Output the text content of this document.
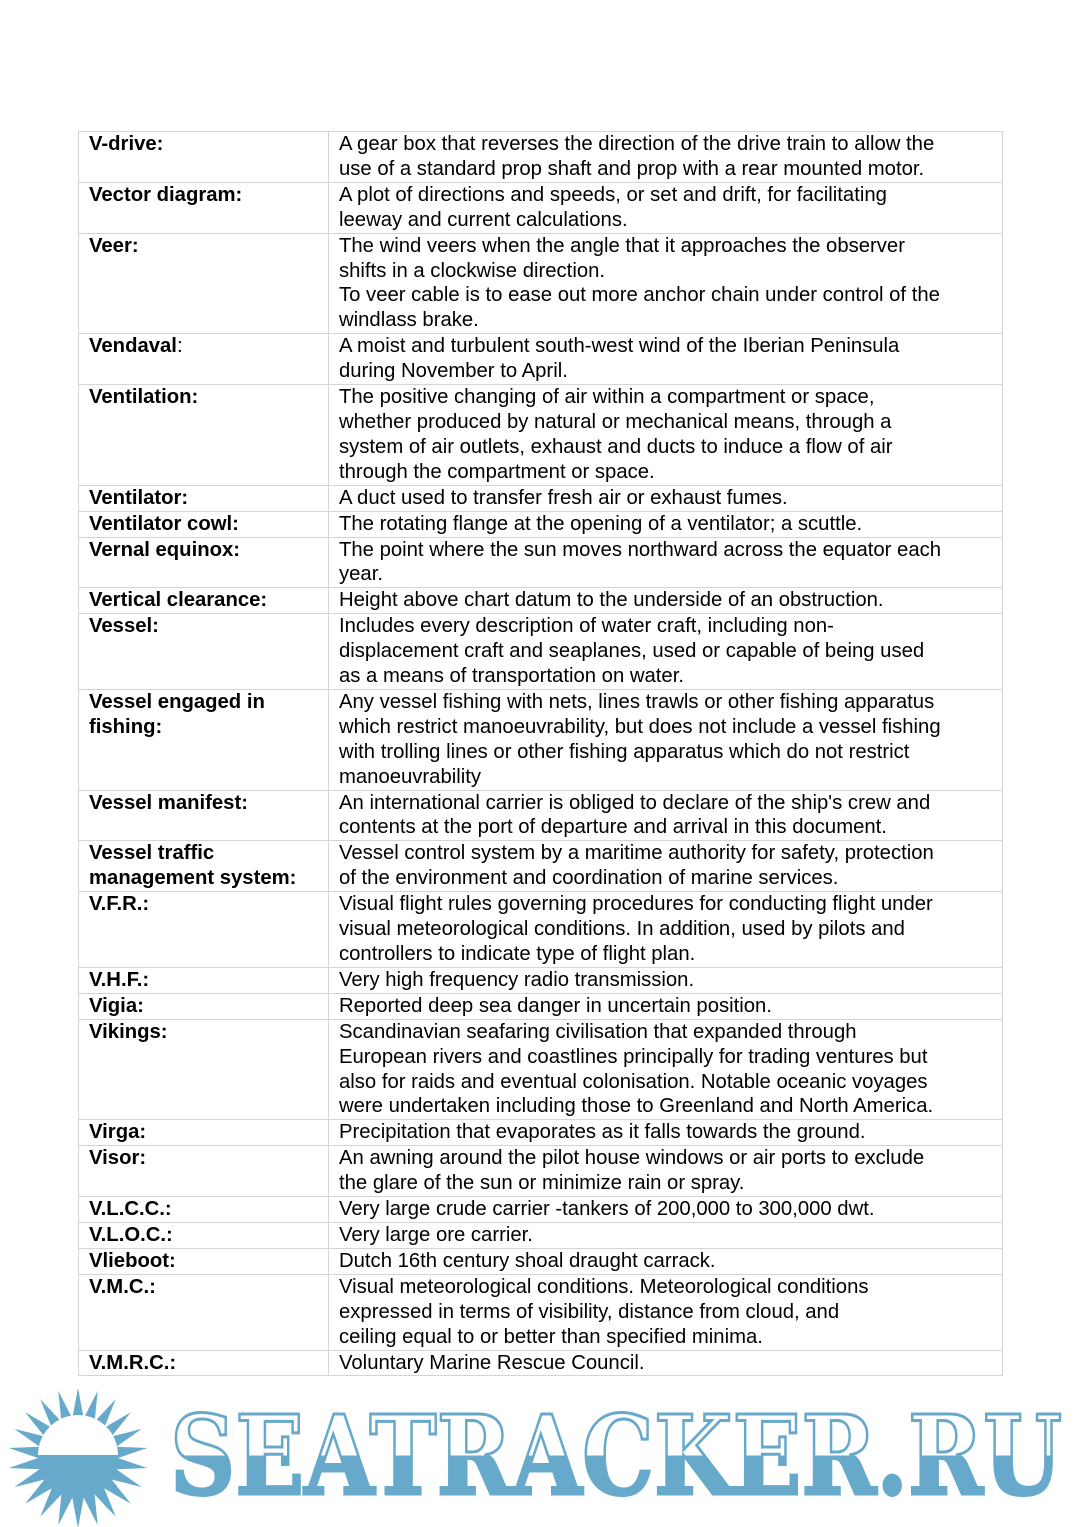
V-drive:	A gear box that reverses the direction of the drive train to allow the
use of a standard prop shaft and prop with a rear mounted motor.
Vector diagram:	A plot of directions and speeds, or set and drift, for facilitating
leeway and current calculations.
Veer:	The wind veers when the angle that it approaches the observer
shifts in a clockwise direction.
To veer cable is to ease out more anchor chain under control of the
windlass brake.
Vendaval:	A moist and turbulent south-west wind of the Iberian Peninsula
during November to April.
Ventilation:	The positive changing of air within a compartment or space,
whether produced by natural or mechanical means, through a
system of air outlets, exhaust and ducts to induce a flow of air
through the compartment or space.
Ventilator:	A duct used to transfer fresh air or exhaust fumes.
Ventilator cowl:	The rotating flange at the opening of a ventilator; a scuttle.
Vernal equinox:	The point where the sun moves northward across the equator each
year.
Vertical clearance:	Height above chart datum to the underside of an obstruction.
Vessel:	Includes every description of water craft, including non-
displacement craft and seaplanes, used or capable of being used
as a means of transportation on water.
Vessel engaged in
fishing:	Any vessel fishing with nets, lines trawls or other fishing apparatus
which restrict manoeuvrability, but does not include a vessel fishing
with trolling lines or other fishing apparatus which do not restrict
manoeuvrability
Vessel manifest:	An international carrier is obliged to declare of the ship's crew and
contents at the port of departure and arrival in this document.
Vessel traffic
management system:	Vessel control system by a maritime authority for safety, protection
of the environment and coordination of marine services.
V.F.R.:	Visual flight rules governing procedures for conducting flight under
visual meteorological conditions. In addition, used by pilots and
controllers to indicate type of flight plan.
V.H.F.:	Very high frequency radio transmission.
Vigia:	Reported deep sea danger in uncertain position.
Vikings:	Scandinavian seafaring civilisation that expanded through
European rivers and coastlines principally for trading ventures but
also for raids and eventual colonisation. Notable oceanic voyages
were undertaken including those to Greenland and North America.
Virga:	Precipitation that evaporates as it falls towards the ground.
Visor:	An awning around the pilot house windows or air ports to exclude
the glare of the sun or minimize rain or spray.
V.L.C.C.:	Very large crude carrier -tankers of 200,000 to 300,000 dwt.
V.L.O.C.:	Very large ore carrier.
Vlieboot:	Dutch 16th century shoal draught carrack.
V.M.C.:	Visual meteorological conditions. Meteorological conditions
expressed in terms of visibility, distance from cloud, and
ceiling equal to or better than specified minima.
V.M.R.C.:	Voluntary Marine Rescue Council.
SEATRACKER.RU
